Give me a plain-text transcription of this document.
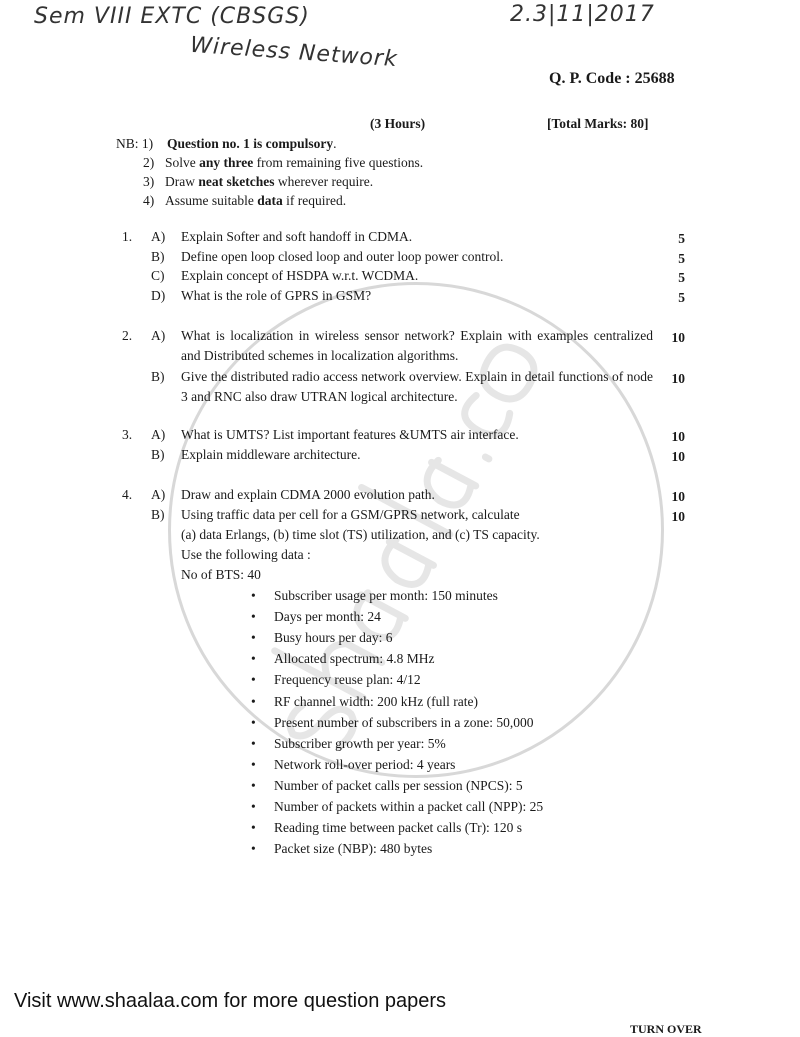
Sem VIII EXTC (CBSGS)	2.3|11|2017
Wireless Network
Q. P. Code : 25688
(3 Hours)	[Total Marks: 80]
NB: 1) Question no. 1 is compulsory.
2) Solve any three from remaining five questions.
3) Draw neat sketches wherever require.
4) Assume suitable data if required.
1. A) Explain Softer and soft handoff in CDMA.	5
B) Define open loop closed loop and outer loop power control.	5
C) Explain concept of HSDPA w.r.t. WCDMA.	5
D) What is the role of GPRS in GSM?	5
2. A) What is localization in wireless sensor network? Explain with examples centralized and Distributed schemes in localization algorithms.
10
B) Give the distributed radio access network overview. Explain in detail functions of node 3 and RNC also draw UTRAN logical architecture.
10
3. A) What is UMTS? List important features &UMTS air interface.	10
B) Explain middleware architecture.	10
4. A) Draw and explain CDMA 2000 evolution path.	10
B) Using traffic data per cell for a GSM/GPRS network, calculate	10
(a) data Erlangs, (b) time slot (TS) utilization, and (c) TS capacity.
Use the following data :
No of BTS: 40
Subscriber usage per month: 150 minutes
Days per month: 24
Busy hours per day: 6
Allocated spectrum: 4.8 MHz
Frequency reuse plan: 4/12
RF channel width: 200 kHz (full rate)
Present number of subscribers in a zone: 50,000
Subscriber growth per year: 5%
Network roll-over period: 4 years
Number of packet calls per session (NPCS): 5
Number of packets within a packet call (NPP): 25
Reading time between packet calls (Tr): 120 s
Packet size (NBP): 480 bytes
Visit www.shaalaa.com for more question papers
TURN OVER
